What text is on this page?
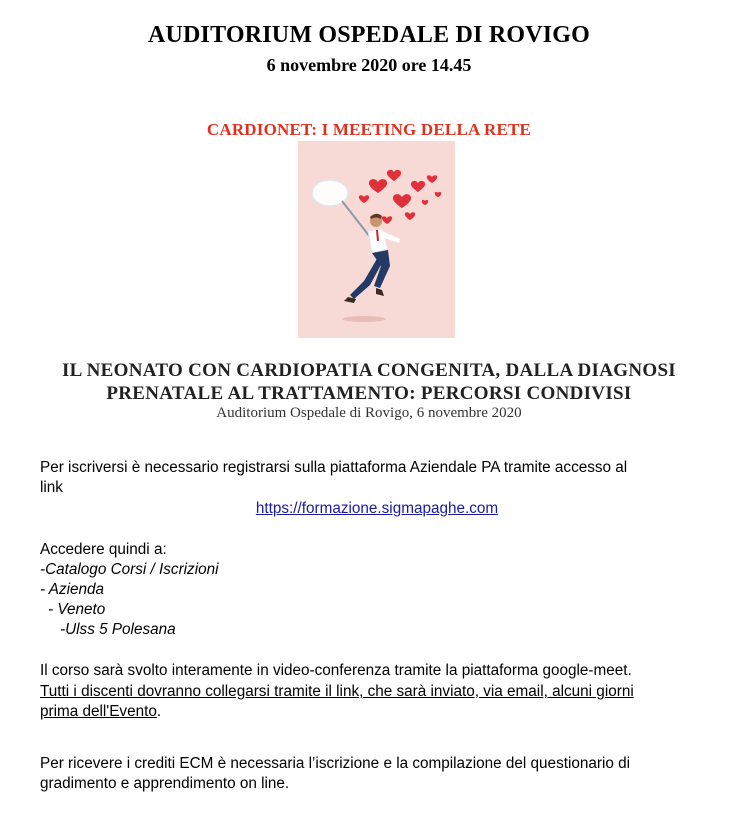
AUDITORIUM OSPEDALE DI ROVIGO
6 novembre 2020 ore 14.45
CARDIONET: I MEETING DELLA RETE
IL NEONATO CON CARDIOPATIA CONGENITA, DALLA DIAGNOSI
PRENATALE AL TRATTAMENTO: PERCORSI CONDIVISI
Auditorium Ospedale di Rovigo, 6 novembre 2020
Per iscriversi è necessario registrarsi sulla piattaforma Aziendale PA tramite accesso al
link
https://formazione.sigmapaghe.com
Accedere quindi a:
-Catalogo Corsi / Iscrizioni
- Azienda
- Veneto
-Ulss 5 Polesana
Il corso sarà svolto interamente in video-conferenza tramite la piattaforma google-meet.
Tutti i discenti dovranno collegarsi tramite il link, che sarà inviato, via email, alcuni giorni
prima dell'Evento.
Per ricevere i crediti ECM è necessaria l’iscrizione e la compilazione del questionario di
gradimento e apprendimento on line.
